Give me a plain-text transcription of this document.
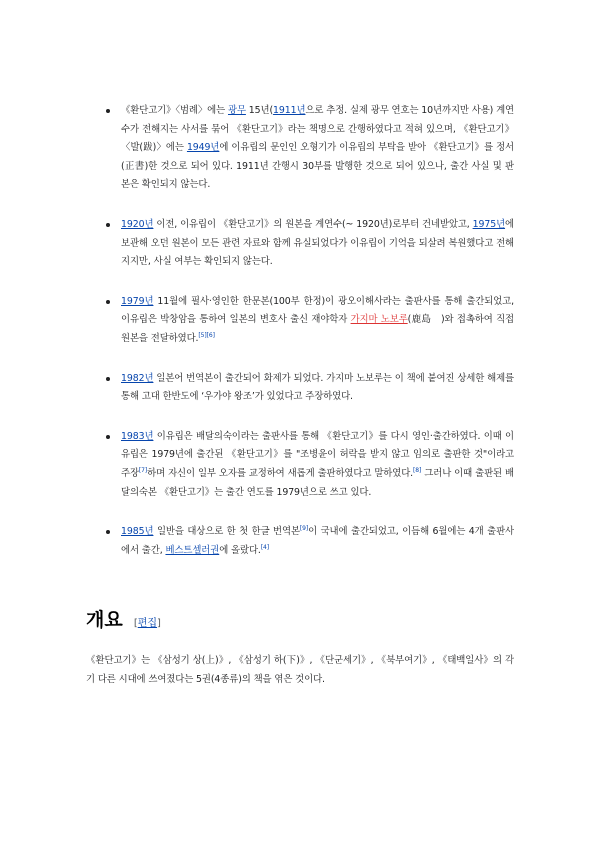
《환단고기》〈범례〉에는 광무 15년(1911년으로 추정. 실제 광무 연호는 10년까지만 사용) 계연수가 전해지는 사서를 묶어 《환단고기》라는 책명으로 간행하였다고 적혀 있으며, 《환단고기》〈발(跋)〉에는 1949년에 이유립의 문인인 오형기가 이유립의 부탁을 받아 《환단고기》를 정서(正書)한 것으로 되어 있다. 1911년 간행시 30부를 발행한 것으로 되어 있으나, 출간 사실 및 판본은 확인되지 않는다.
1920년 이전, 이유립이 《환단고기》의 원본을 계연수(~ 1920년)로부터 건네받았고, 1975년에 보관해 오던 원본이 모든 관련 자료와 함께 유실되었다가 이유립이 기억을 되살려 복원했다고 전해지지만, 사실 여부는 확인되지 않는다.
1979년 11월에 필사·영인한 한문본(100부 한정)이 광오이해사라는 출판사를 통해 출간되었고, 이유립은 박창암을 통하여 일본의 변호사 출신 재야학자 가지마 노보루(鹿島　)와 접촉하여 직접 원본을 전달하였다.[5][6]
1982년 일본어 번역본이 출간되어 화제가 되었다. 가지마 노보루는 이 책에 붙여진 상세한 해제를 통해 고대 한반도에 ‘우가야 왕조’가 있었다고 주장하였다.
1983년 이유립은 배달의숙이라는 출판사를 통해 《환단고기》를 다시 영인·출간하였다. 이때 이유립은 1979년에 출간된 《환단고기》를 "조병윤이 허락을 받지 않고 임의로 출판한 것"이라고 주장[7]하며 자신이 일부 오자를 교정하여 새롭게 출판하였다고 말하였다.[8] 그러나 이때 출판된 배달의숙본 《환단고기》는 출간 연도를 1979년으로 쓰고 있다.
1985년 일반을 대상으로 한 첫 한글 번역본[9]이 국내에 출간되었고, 이듬해 6월에는 4개 출판사에서 출간, 베스트셀러권에 올랐다.[4]
개요 [편집]
《환단고기》는 《삼성기 상(上)》, 《삼성기 하(下)》, 《단군세기》, 《북부여기》, 《태백일사》의 각기 다른 시대에 쓰여졌다는 5권(4종류)의 책을 엮은 것이다.
